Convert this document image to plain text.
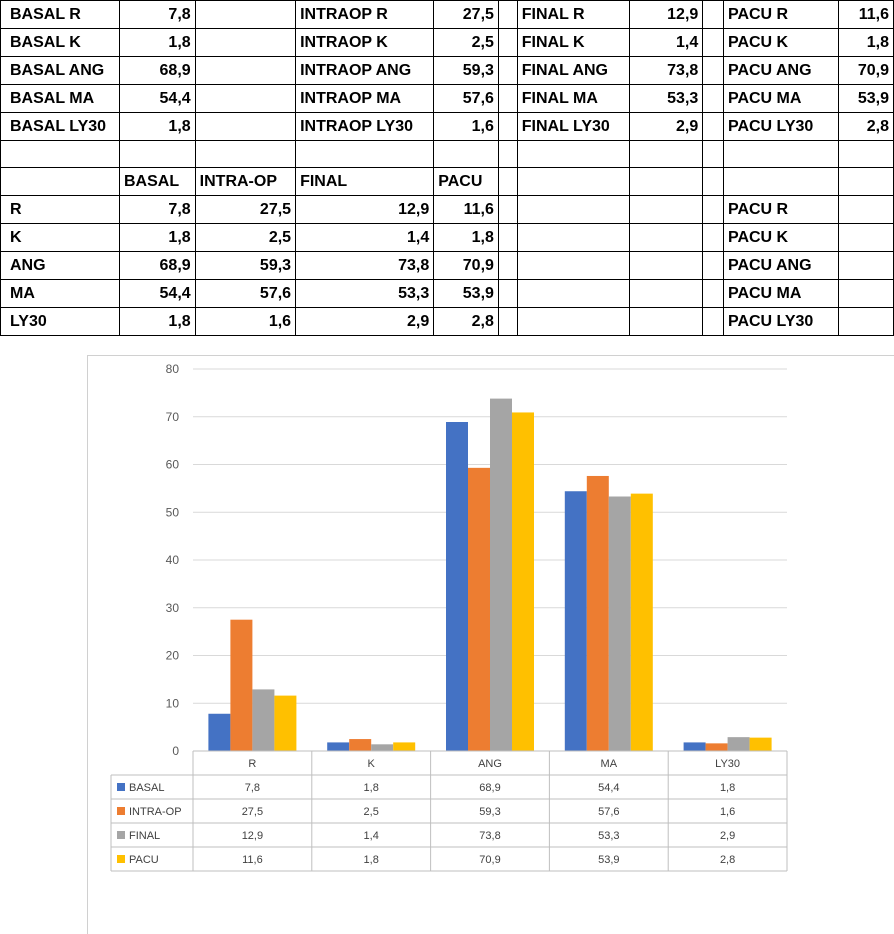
BASAL R	7,8		INTRAOP R	27,5		FINAL R	12,9		PACU R	11,6
BASAL K	1,8		INTRAOP K	2,5		FINAL K	1,4		PACU K	1,8
BASAL ANG	68,9		INTRAOP ANG	59,3		FINAL ANG	73,8		PACU ANG	70,9
BASAL MA	54,4		INTRAOP MA	57,6		FINAL MA	53,3		PACU MA	53,9
BASAL LY30	1,8		INTRAOP LY30	1,6		FINAL LY30	2,9		PACU LY30	2,8

	BASAL	INTRA-OP	FINAL	PACU						
R	7,8	27,5	12,9	11,6					PACU R	
K	1,8	2,5	1,4	1,8					PACU K	
ANG	68,9	59,3	73,8	70,9					PACU ANG	
MA	54,4	57,6	53,3	53,9					PACU MA	
LY30	1,8	1,6	2,9	2,8					PACU LY30	
0
10
20
30
40
50
60
70
80
R	K	ANG	MA	LY30
BASAL	7,8	1,8	68,9	54,4	1,8
INTRA-OP	27,5	2,5	59,3	57,6	1,6
FINAL	12,9	1,4	73,8	53,3	2,9
PACU	11,6	1,8	70,9	53,9	2,8
